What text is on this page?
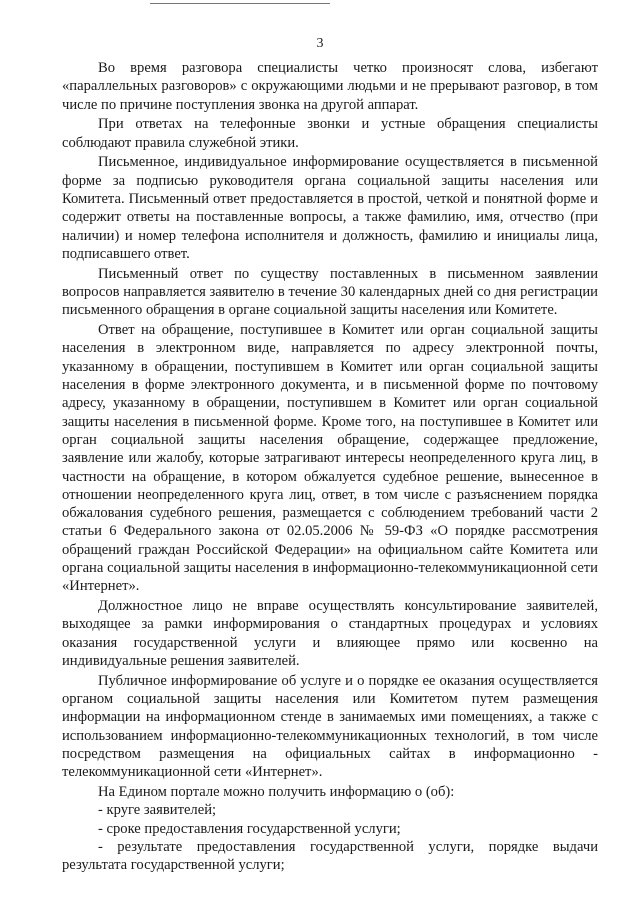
3

Во время разговора специалисты четко произносят слова, избегают «параллельных разговоров» с окружающими людьми и не прерывают разговор, в том числе по причине поступления звонка на другой аппарат.

При ответах на телефонные звонки и устные обращения специалисты соблюдают правила служебной этики.

Письменное, индивидуальное информирование осуществляется в письменной форме за подписью руководителя органа социальной защиты населения или Комитета. Письменный ответ предоставляется в простой, четкой и понятной форме и содержит ответы на поставленные вопросы, а также фамилию, имя, отчество (при наличии) и номер телефона исполнителя и должность, фамилию и инициалы лица, подписавшего ответ.

Письменный ответ по существу поставленных в письменном заявлении вопросов направляется заявителю в течение 30 календарных дней со дня регистрации письменного обращения в органе социальной защиты населения или Комитете.

Ответ на обращение, поступившее в Комитет или орган социальной защиты населения в электронном виде, направляется по адресу электронной почты, указанному в обращении, поступившем в Комитет или орган социальной защиты населения в форме электронного документа, и в письменной форме по почтовому адресу, указанному в обращении, поступившем в Комитет или орган социальной защиты населения в письменной форме. Кроме того, на поступившее в Комитет или орган социальной защиты населения обращение, содержащее предложение, заявление или жалобу, которые затрагивают интересы неопределенного круга лиц, в частности на обращение, в котором обжалуется судебное решение, вынесенное в отношении неопределенного круга лиц, ответ, в том числе с разъяснением порядка обжалования судебного решения, размещается с соблюдением требований части 2 статьи 6 Федерального закона от 02.05.2006 № 59-ФЗ «О порядке рассмотрения обращений граждан Российской Федерации» на официальном сайте Комитета или органа социальной защиты населения в информационно-телекоммуникационной сети «Интернет».

Должностное лицо не вправе осуществлять консультирование заявителей, выходящее за рамки информирования о стандартных процедурах и условиях оказания государственной услуги и влияющее прямо или косвенно на индивидуальные решения заявителей.

Публичное информирование об услуге и о порядке ее оказания осуществляется органом социальной защиты населения или Комитетом путем размещения информации на информационном стенде в занимаемых ими помещениях, а также с использованием информационно-телекоммуникационных технологий, в том числе посредством размещения на официальных сайтах в информационно - телекоммуникационной сети «Интернет».

На Едином портале можно получить информацию о (об):

- круге заявителей;

- сроке предоставления государственной услуги;

- результате предоставления государственной услуги, порядке выдачи результата государственной услуги;
